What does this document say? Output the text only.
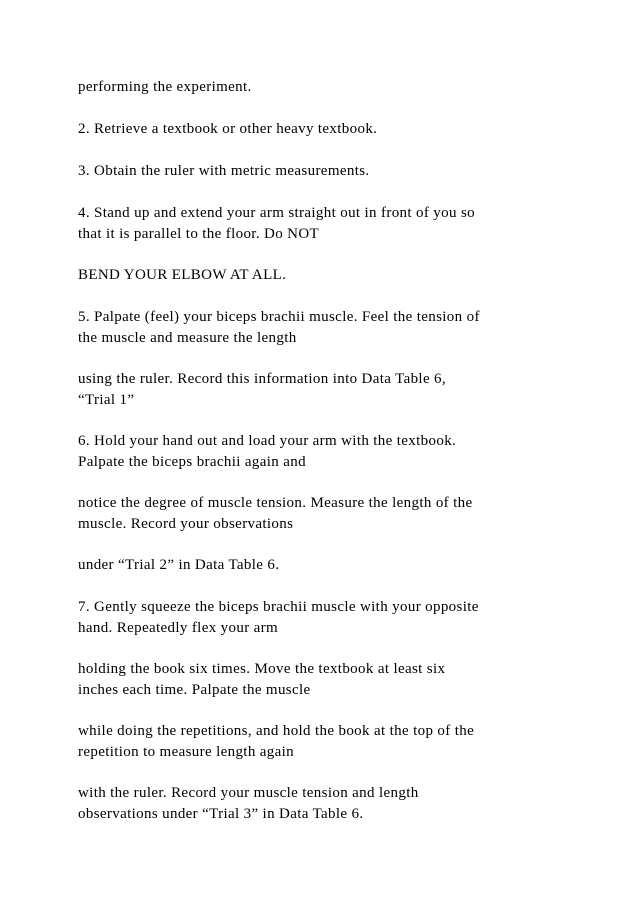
performing the experiment.

2. Retrieve a textbook or other heavy textbook.

3. Obtain the ruler with metric measurements.

4. Stand up and extend your arm straight out in front of you so
that it is parallel to the floor. Do NOT

BEND YOUR ELBOW AT ALL.

5. Palpate (feel) your biceps brachii muscle. Feel the tension of
the muscle and measure the length

using the ruler. Record this information into Data Table 6,
“Trial 1”

6. Hold your hand out and load your arm with the textbook.
Palpate the biceps brachii again and

notice the degree of muscle tension. Measure the length of the
muscle. Record your observations

under “Trial 2” in Data Table 6.

7. Gently squeeze the biceps brachii muscle with your opposite
hand. Repeatedly flex your arm

holding the book six times. Move the textbook at least six
inches each time. Palpate the muscle

while doing the repetitions, and hold the book at the top of the
repetition to measure length again

with the ruler. Record your muscle tension and length
observations under “Trial 3” in Data Table 6.
